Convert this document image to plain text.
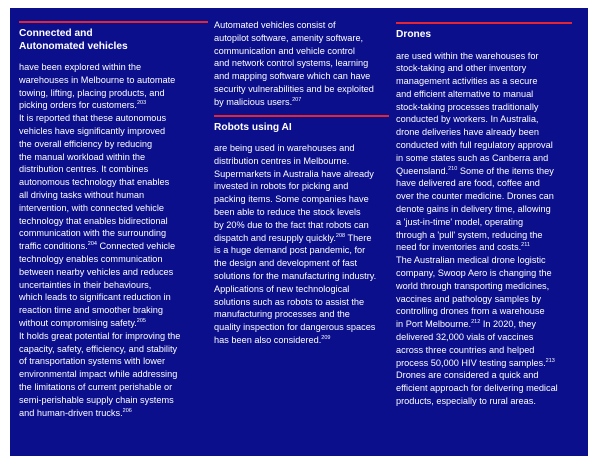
Connected and
Autonomated vehicles

have been explored within the
warehouses in Melbourne to automate
towing, lifting, placing products, and
picking orders for customers.$^{203}$

It is reported that these autonomous
vehicles have significantly improved
the overall efficiency by reducing
the manual workload within the
distribution centres. It combines
autonomous technology that enables
all driving tasks without human
intervention, with connected vehicle
technology that enables bidirectional
communication with the surrounding
traffic conditions.$^{204}$ Connected vehicle
technology enables communication
between nearby vehicles and reduces
uncertainties in their behaviours,
which leads to significant reduction in
reaction time and smoother braking
without compromising safety.$^{205}$

It holds great potential for improving the
capacity, safety, efficiency, and stability
of transportation systems with lower
environmental impact while addressing
the limitations of current perishable or
semi-perishable supply chain systems
and human-driven trucks.$^{206}$

Automated vehicles consist of
autopilot software, amenity software,
communication and vehicle control
and network control systems, learning
and mapping software which can have
security vulnerabilities and be exploited
by malicious users.$^{207}$

Robots using AI

are being used in warehouses and
distribution centres in Melbourne.
Supermarkets in Australia have already
invested in robots for picking and
packing items. Some companies have
been able to reduce the stock levels
by 20% due to the fact that robots can
dispatch and resupply quickly.$^{208}$ There
is a huge demand post pandemic, for
the design and development of fast
solutions for the manufacturing industry.
Applications of new technological
solutions such as robots to assist the
manufacturing processes and the
quality inspection for dangerous spaces
has been also considered.$^{209}$

Drones

are used within the warehouses for
stock-taking and other inventory
management activities as a secure
and efficient alternative to manual
stock-taking processes traditionally
conducted by workers. In Australia,
drone deliveries have already been
conducted with full regulatory approval
in some states such as Canberra and
Queensland.$^{210}$ Some of the items they
have delivered are food, coffee and
over the counter medicine. Drones can
denote gains in delivery time, allowing
a 'just-in-time' model, operating
through a 'pull' system, reducing the
need for inventories and costs.$^{211}$

The Australian medical drone logistic
company, Swoop Aero is changing the
world through transporting medicines,
vaccines and pathology samples by
controlling drones from a warehouse
in Port Melbourne.$^{212}$ In 2020, they
delivered 32,000 vials of vaccines
across three countries and helped
process 50,000 HIV testing samples.$^{213}$

Drones are considered a quick and
efficient approach for delivering medical
products, especially to rural areas.
